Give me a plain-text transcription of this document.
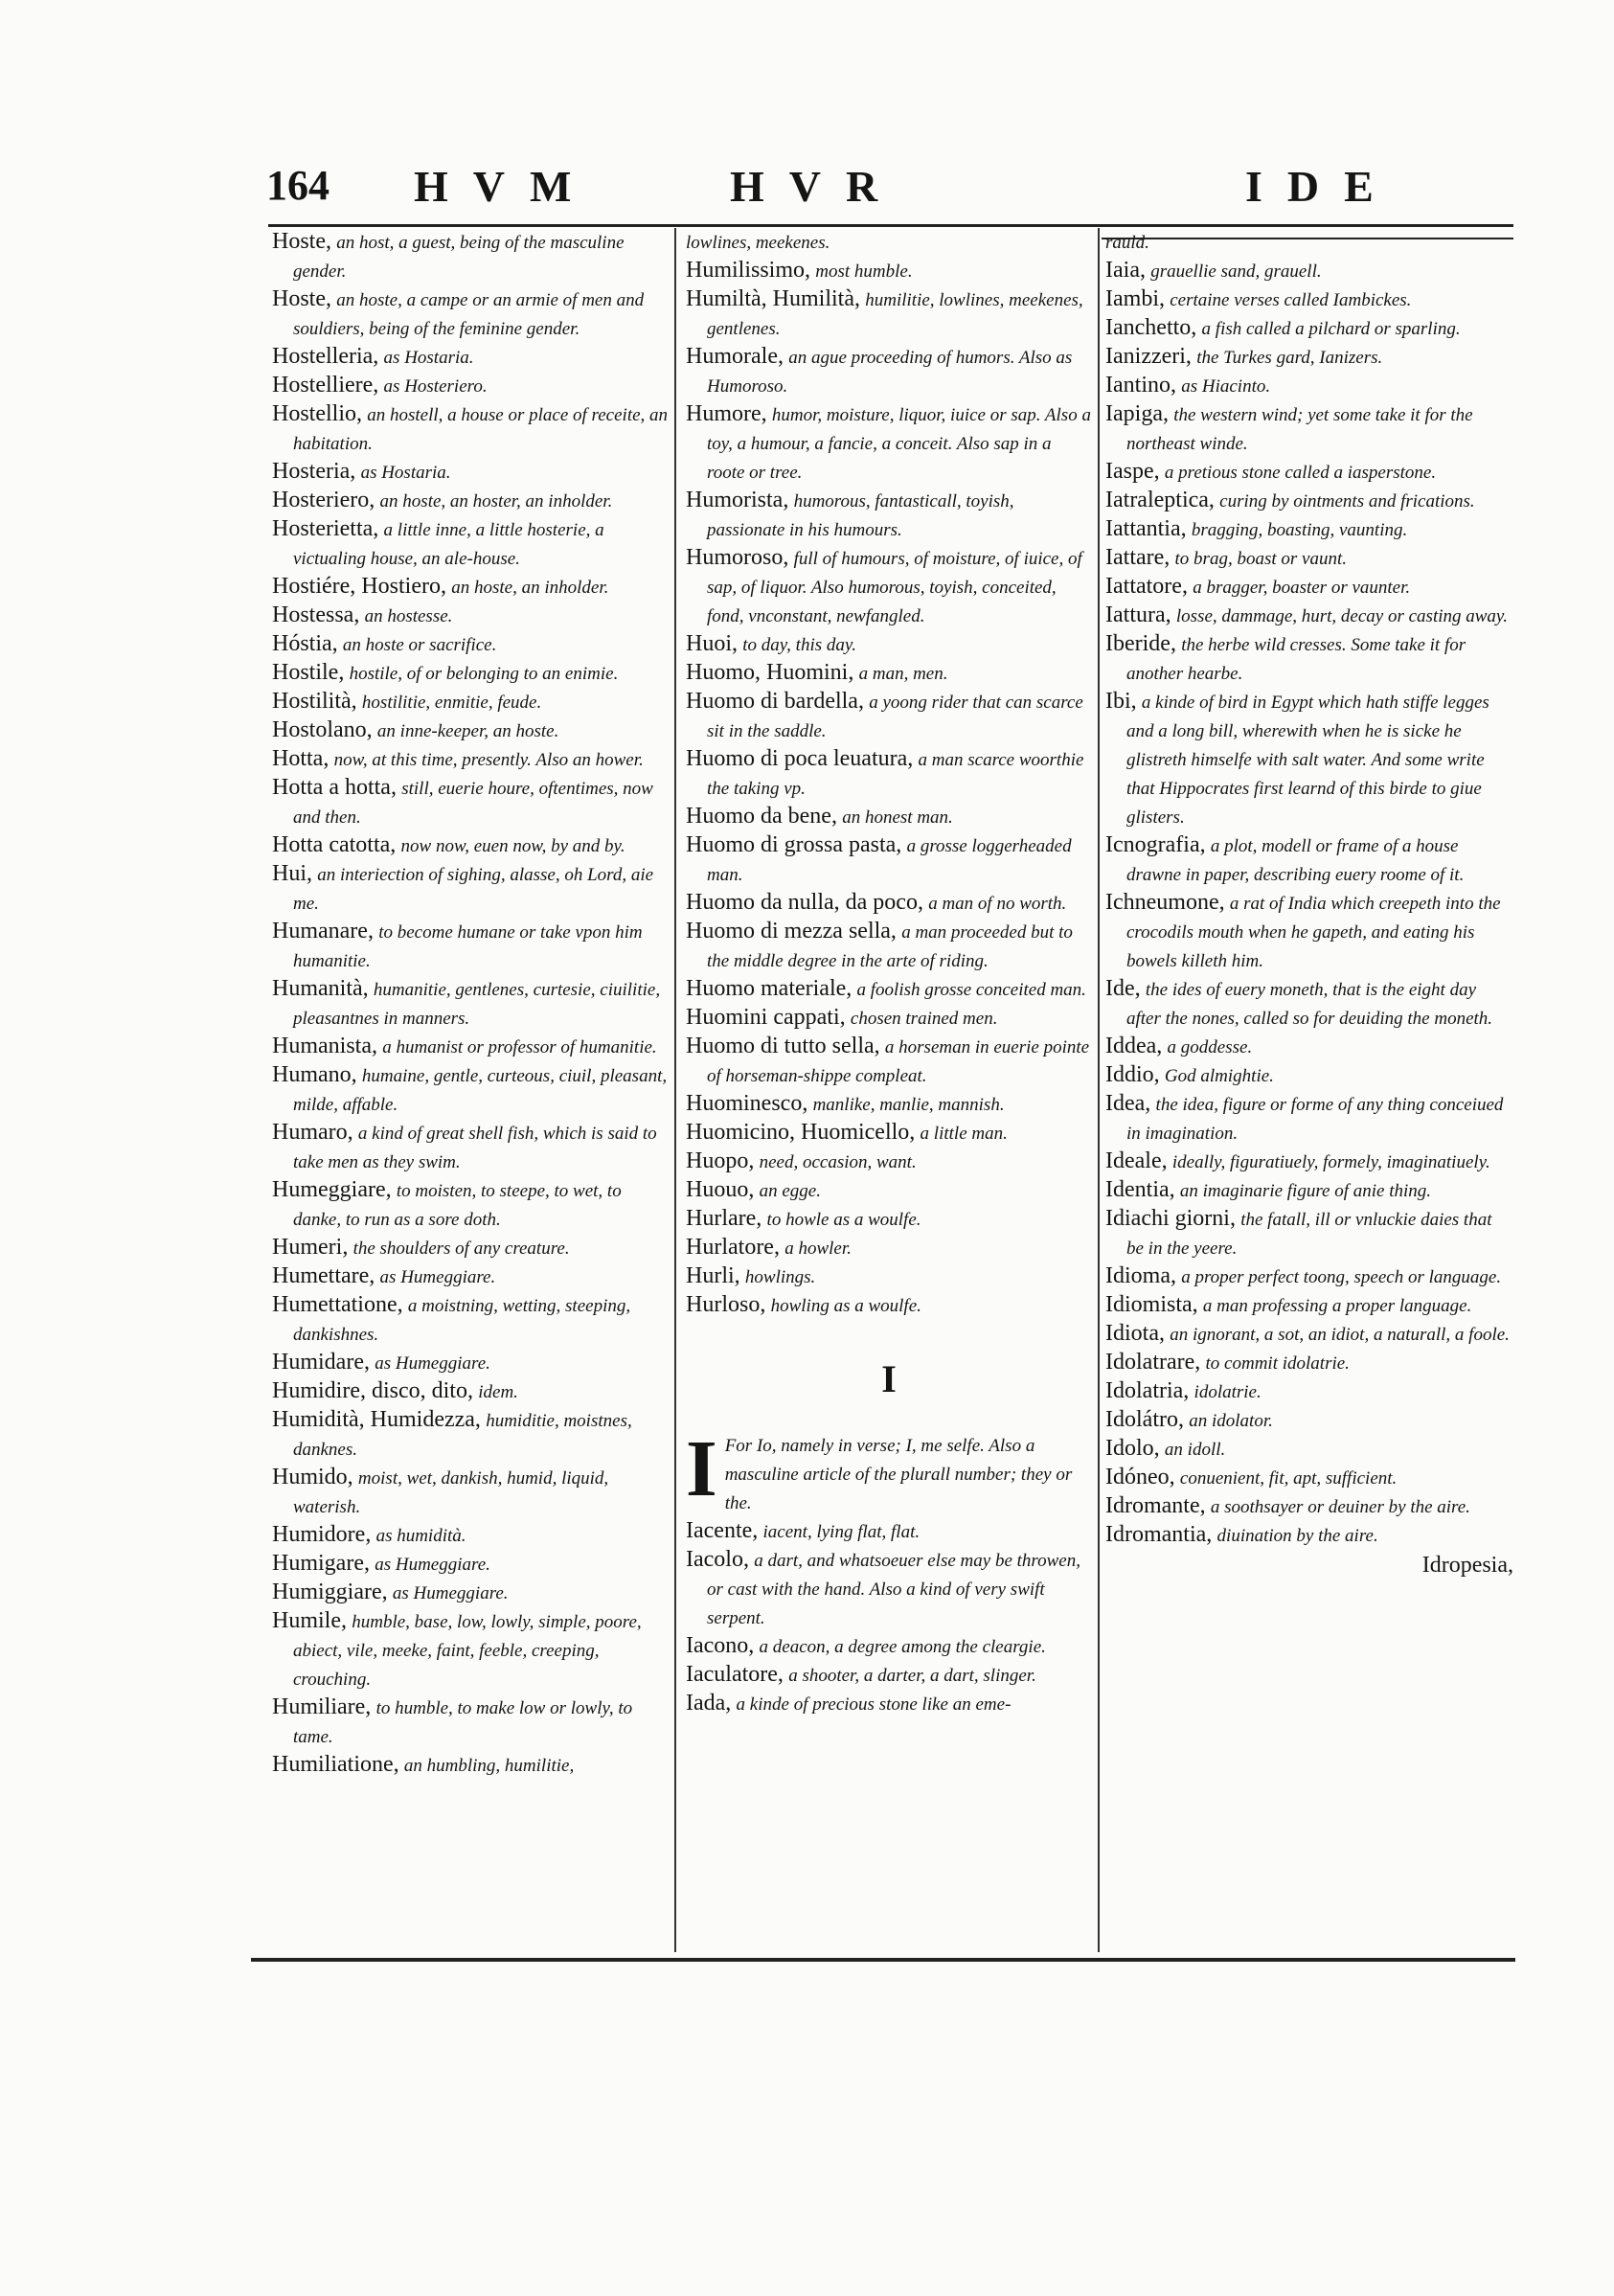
164 HVM	HVR	IDE

Hoste, an host, a guest, being of the masculine gender.

Hoste, an hoste, a campe or an armie of men and souldiers, being of the feminine gender.

Hostelleria, as Hostaria.

Hostelliere, as Hosteriero.

Hostellio, an hostell, a house or place of receite, an habitation.

Hosteria, as Hostaria.

Hosteriero, an hoste, an hoster, an inholder.

Hosterietta, a little inne, a little hosterie, a victualing house, an ale-house.

Hostiére, Hostiero, an hoste, an inholder.

Hostessa, an hostesse.

Hóstia, an hoste or sacrifice.

Hostile, hostile, of or belonging to an enimie.

Hostilità, hostilitie, enmitie, feude.

Hostolano, an inne-keeper, an hoste.

Hotta, now, at this time, presently. Also an hower.

Hotta a hotta, still, euerie houre, oftentimes, now and then.

Hotta catotta, now now, euen now, by and by.

Hui, an interiection of sighing, alasse, oh Lord, aie me.

Humanare, to become humane or take vpon him humanitie.

Humanità, humanitie, gentlenes, curtesie, ciuilitie, pleasantnes in manners.

Humanista, a humanist or professor of humanitie.

Humano, humaine, gentle, curteous, ciuil, pleasant, milde, affable.

Humaro, a kind of great shell fish, which is said to take men as they swim.

Humeggiare, to moisten, to steepe, to wet, to danke, to run as a sore doth.

Humeri, the shoulders of any creature.

Humettare, as Humeggiare.

Humettatione, a moistning, wetting, steeping, dankishnes.

Humidare, as Humeggiare.

Humidire, disco, dito, idem.

Humidità, Humidezza, humiditie, moistnes, danknes.

Humido, moist, wet, dankish, humid, liquid, waterish.

Humidore, as humidità.

Humigare, as Humeggiare.

Humiggiare, as Humeggiare.

Humile, humble, base, low, lowly, simple, poore, abiect, vile, meeke, faint, feeble, creeping, crouching.

Humiliare, to humble, to make low or lowly, to tame.

Humiliatione, an humbling, humilitie,

lowlines, meekenes.

Humilissimo, most humble.

Humiltà, Humilità, humilitie, lowlines, meekenes, gentlenes.

Humorale, an ague proceeding of humors. Also as Humoroso.

Humore, humor, moisture, liquor, iuice or sap. Also a toy, a humour, a fancie, a conceit. Also sap in a roote or tree.

Humorista, humorous, fantasticall, toyish, passionate in his humours.

Humoroso, full of humours, of moisture, of iuice, of sap, of liquor. Also humorous, toyish, conceited, fond, vnconstant, newfangled.

Huoi, to day, this day.

Huomo, Huomini, a man, men.

Huomo di bardella, a yoong rider that can scarce sit in the saddle.

Huomo di poca leuatura, a man scarce woorthie the taking vp.

Huomo da bene, an honest man.

Huomo di grossa pasta, a grosse loggerheaded man.

Huomo da nulla, da poco, a man of no worth.

Huomo di mezza sella, a man proceeded but to the middle degree in the arte of riding.

Huomo materiale, a foolish grosse conceited man.

Huomini cappati, chosen trained men.

Huomo di tutto sella, a horseman in euerie pointe of horseman-shippe compleat.

Huominesco, manlike, manlie, mannish.

Huomicino, Huomicello, a little man.

Huopo, need, occasion, want.

Huouo, an egge.

Hurlare, to howle as a woulfe.

Hurlatore, a howler.

Hurli, howlings.

Hurloso, howling as a woulfe.

I

I For Io, namely in verse; I, me selfe. Also a masculine article of the plurall number; they or the.

Iacente, iacent, lying flat, flat.

Iacolo, a dart, and whatsoeuer else may be throwen, or cast with the hand. Also a kind of very swift serpent.

Iacono, a deacon, a degree among the cleargie.

Iaculatore, a shooter, a darter, a dart, slinger.

Iada, a kinde of precious stone like an eme-

rauld.

Iaia, grauellie sand, grauell.

Iambi, certaine verses called Iambickes.

Ianchetto, a fish called a pilchard or sparling.

Ianizzeri, the Turkes gard, Ianizers.

Iantino, as Hiacinto.

Iapiga, the western wind; yet some take it for the northeast winde.

Iaspe, a pretious stone called a iasperstone.

Iatraleptica, curing by ointments and frications.

Iattantia, bragging, boasting, vaunting.

Iattare, to brag, boast or vaunt.

Iattatore, a bragger, boaster or vaunter.

Iattura, losse, dammage, hurt, decay or casting away.

Iberide, the herbe wild cresses. Some take it for another hearbe.

Ibi, a kinde of bird in Egypt which hath stiffe legges and a long bill, wherewith when he is sicke he glistreth himselfe with salt water. And some write that Hippocrates first learnd of this birde to giue glisters.

Icnografia, a plot, modell or frame of a house drawne in paper, describing euery roome of it.

Ichneumone, a rat of India which creepeth into the crocodils mouth when he gapeth, and eating his bowels killeth him.

Ide, the ides of euery moneth, that is the eight day after the nones, called so for deuiding the moneth.

Iddea, a goddesse.

Iddio, God almightie.

Idea, the idea, figure or forme of any thing conceiued in imagination.

Ideale, ideally, figuratiuely, formely, imaginatiuely.

Identia, an imaginarie figure of anie thing.

Idiachi giorni, the fatall, ill or vnluckie daies that be in the yeere.

Idioma, a proper perfect toong, speech or language.

Idiomista, a man professing a proper language.

Idiota, an ignorant, a sot, an idiot, a naturall, a foole.

Idolatrare, to commit idolatrie.

Idolatria, idolatrie.

Idolátro, an idolator.

Idolo, an idoll.

Idóneo, conuenient, fit, apt, sufficient.

Idromante, a soothsayer or deuiner by the aire.

Idromantia, diuination by the aire.

Idropesia,
